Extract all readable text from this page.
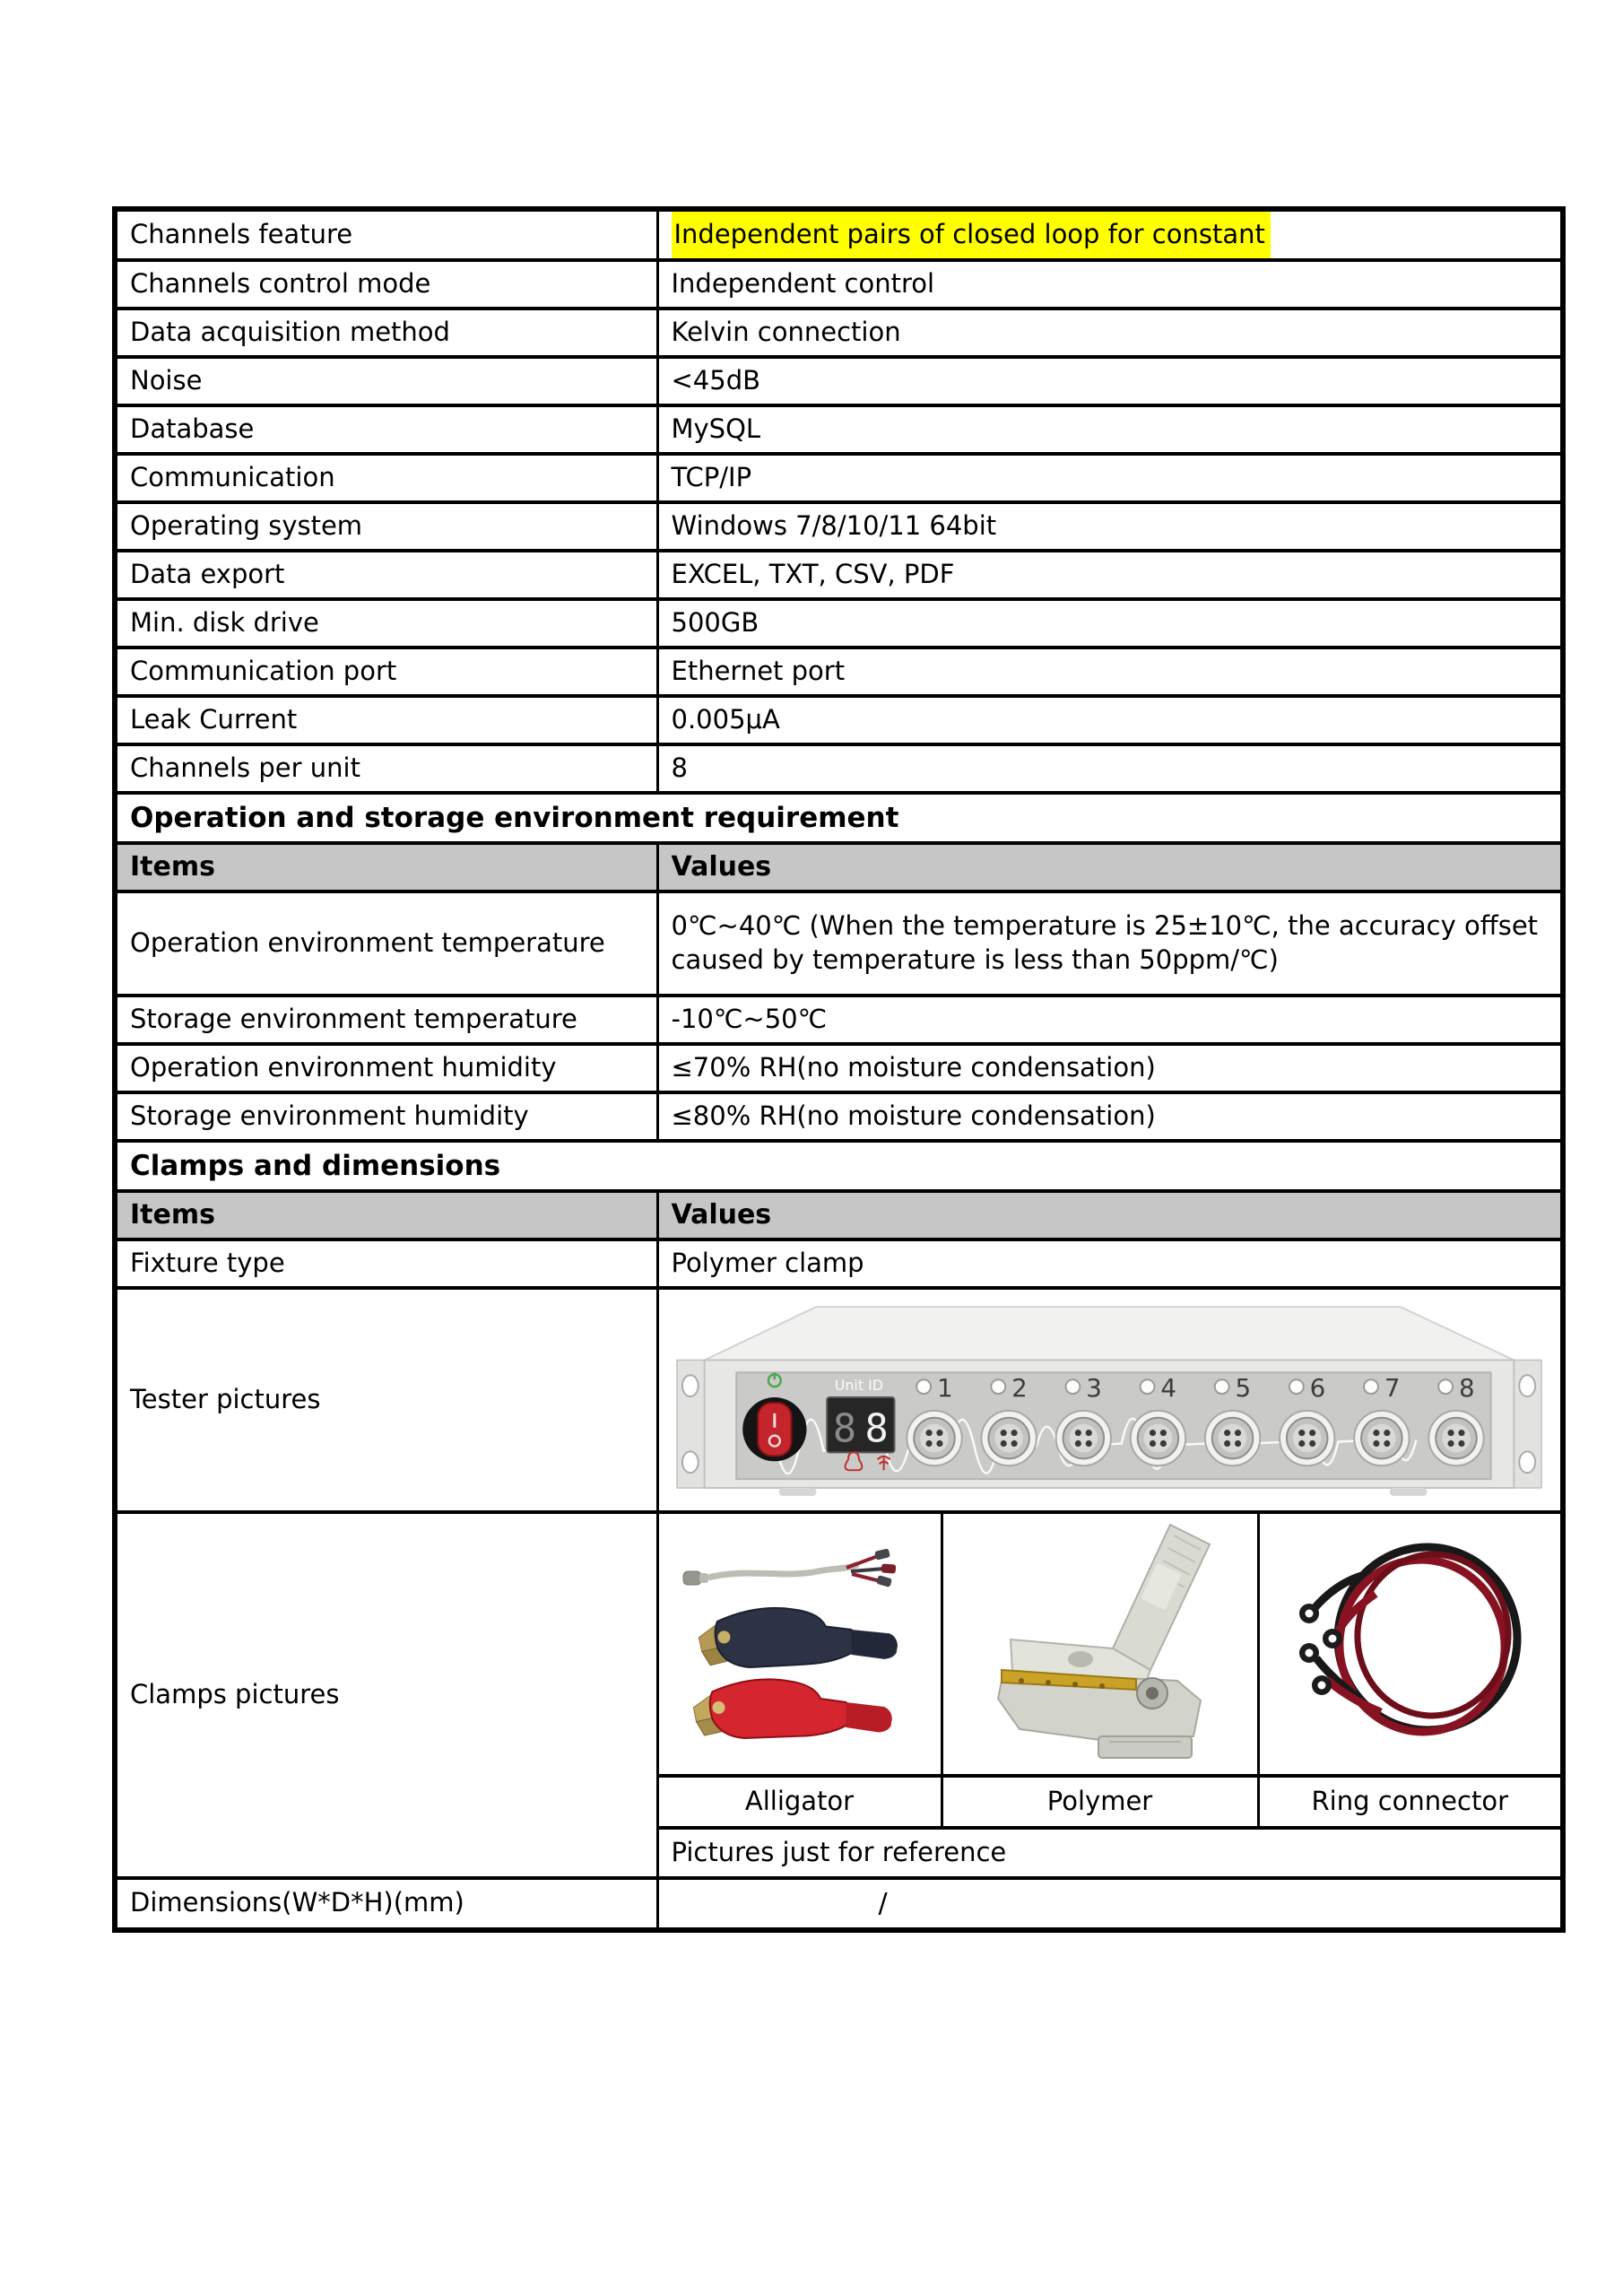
Channels feature	Independent pairs of closed loop for constant		
Channels control mode	Independent control		
Data acquisition method	Kelvin connection		
Noise	<45dB		
Database	MySQL		
Communication	TCP/IP		
Operating system	Windows 7/8/10/11 64bit		
Data export	EXCEL, TXT, CSV, PDF		
Min. disk drive	500GB		
Communication port	Ethernet port		
Leak Current	0.005μA		
Channels per unit	8		
Operation and storage environment requirement			
Items	Values		
Operation environment temperature	0℃~40℃ (When the temperature is 25±10℃, the accuracy offset caused by temperature is less than 50ppm/℃)		
Storage environment temperature	-10℃~50℃		
Operation environment humidity	≤70% RH(no moisture condensation)		
Storage environment humidity	≤80% RH(no moisture condensation)		
Clamps and dimensions			
Items	Values		
Fixture type	Polymer clamp		
Tester pictures	Unit ID
8 8
1 2 3 4 5 6 7 8

Clamps pictures	

	Alligator	Polymer	Ring connector
	Pictures just for reference		
Dimensions(W*D*H)(mm)	/		
